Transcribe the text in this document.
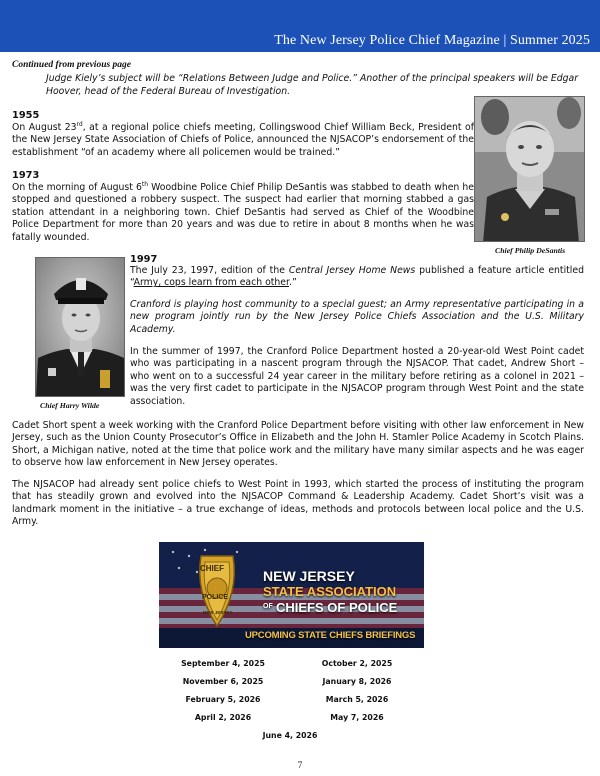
The New Jersey Police Chief Magazine | Summer 2025
Continued from previous page
Judge Kiely’s subject will be “Relations Between Judge and Police.” Another of the principal speakers will be Edgar Hoover, head of the Federal Bureau of Investigation.
1955
On August 23rd, at a regional police chiefs meeting, Collingswood Chief William Beck, President of the New Jersey State Association of Chiefs of Police, announced the NJSACOP’s endorsement of the establishment “of an academy where all policemen would be trained.”
1973
On the morning of August 6th Woodbine Police Chief Philip DeSantis was stabbed to death when he stopped and questioned a robbery suspect. The suspect had earlier that morning stabbed a gas station attendant in a neighboring town. Chief DeSantis had served as Chief of the Woodbine Police Department for more than 20 years and was due to retire in about 8 months when he was fatally wounded.
Chief Philip DeSantis
Chief Harry Wilde
1997
The July 23, 1997, edition of the Central Jersey Home News published a feature article entitled “Army, cops learn from each other.”
Cranford is playing host community to a special guest; an Army representative participating in a new program jointly run by the New Jersey Police Chiefs Association and the U.S. Military Academy.
In the summer of 1997, the Cranford Police Department hosted a 20-year-old West Point cadet who was participating in a nascent program through the NJSACOP. That cadet, Andrew Short – who went on to a successful 24 year career in the military before retiring as a colonel in 2021 – was the very first cadet to participate in the NJSACOP program through West Point and the state association.
Cadet Short spent a week working with the Cranford Police Department before visiting with other law enforcement in New Jersey, such as the Union County Prosecutor’s Office in Elizabeth and the John H. Stamler Police Academy in Scotch Plains. Short, a Michigan native, noted at the time that police work and the military have many similar aspects and he was eager to observe how law enforcement in New Jersey operates.
The NJSACOP had already sent police chiefs to West Point in 1993, which started the process of instituting the program that has steadily grown and evolved into the NJSACOP Command & Leadership Academy. Cadet Short’s visit was a landmark moment in the initiative – a true exchange of ideas, methods and protocols between local police and the U.S. Army.
CHIEF
POLICE
NEW JERSEY
NEW JERSEY
STATE ASSOCIATION
OF CHIEFS OF POLICE
UPCOMING STATE CHIEFS BRIEFINGS
September 4, 2025	October 2, 2025
November 6, 2025	January 8, 2026
February 5, 2026	March 5, 2026
April 2, 2026	May 7, 2026
June 4, 2026
7
